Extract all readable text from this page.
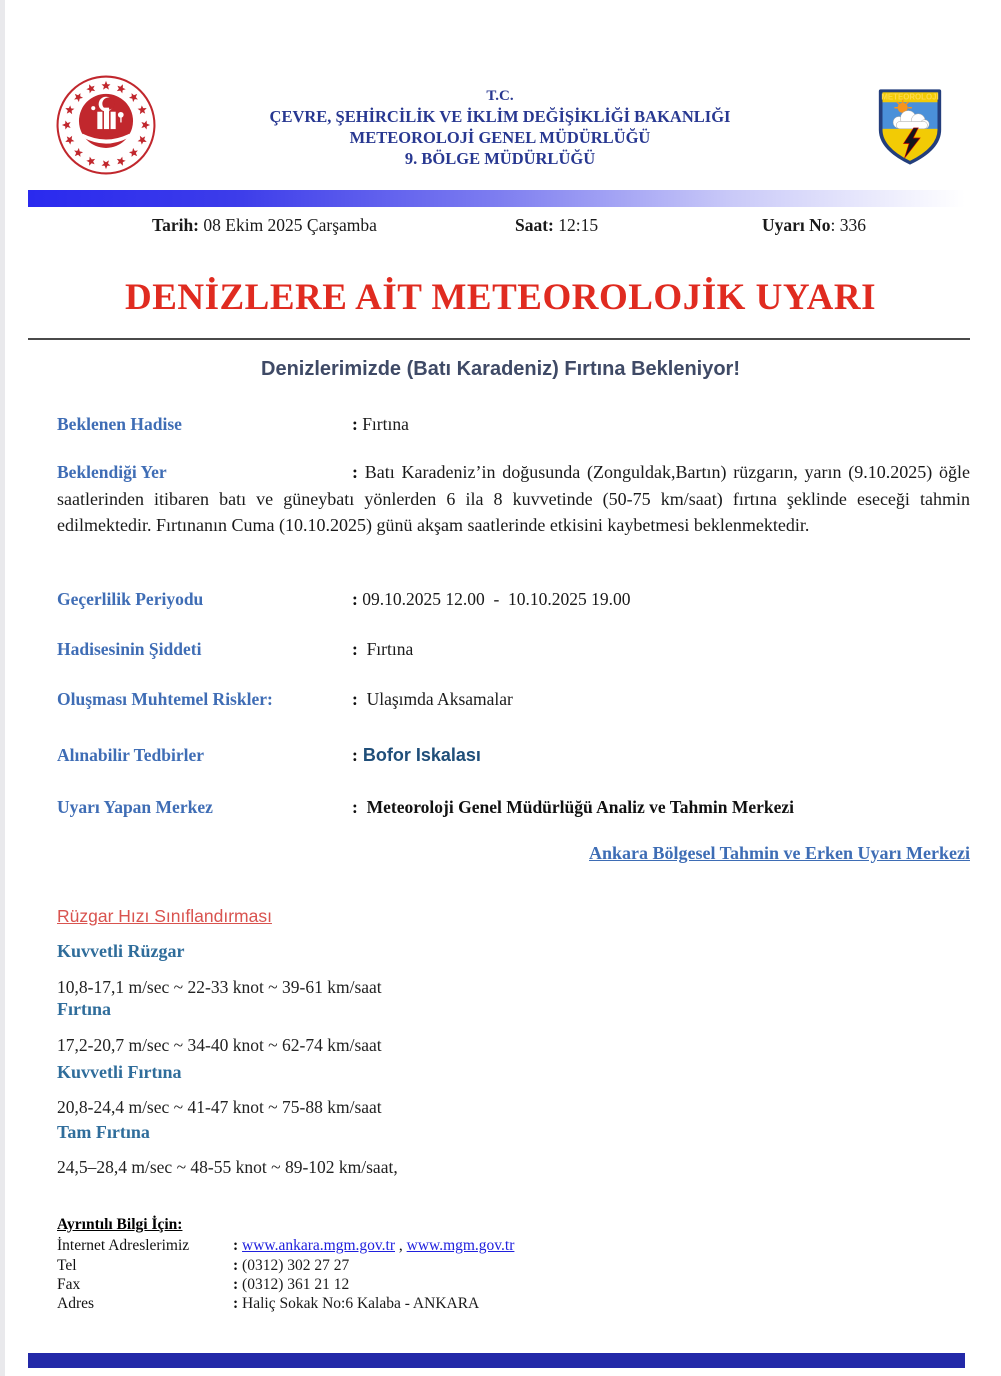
T.C.
ÇEVRE, ŞEHİRCİLİK VE İKLİM DEĞİŞİKLİĞİ BAKANLIĞI
METEOROLOJİ GENEL MÜDÜRLÜĞÜ
9. BÖLGE MÜDÜRLÜĞÜ
METEOROLOJİ
Tarih: 08 Ekim 2025 Çarşamba	Saat: 12:15	Uyarı No: 336
DENİZLERE AİT METEOROLOJİK UYARI
Denizlerimizde (Batı Karadeniz) Fırtına Bekleniyor!
Beklenen Hadise	: Fırtına
Beklendiği Yer	: Batı Karadeniz’in doğusunda (Zonguldak,Bartın) rüzgarın, yarın (9.10.2025) öğle saatlerinden itibaren batı ve güneybatı yönlerden 6 ila 8 kuvvetinde (50-75 km/saat) fırtına şeklinde eseceği tahmin edilmektedir. Fırtınanın Cuma (10.10.2025) günü akşam saatlerinde etkisini kaybetmesi beklenmektedir.
Geçerlilik Periyodu	: 09.10.2025 12.00  -  10.10.2025 19.00
Hadisesinin Şiddeti	:  Fırtına
Oluşması Muhtemel Riskler:	:  Ulaşımda Aksamalar
Alınabilir Tedbirler	: Bofor Iskalası
Uyarı Yapan Merkez	:  Meteoroloji Genel Müdürlüğü Analiz ve Tahmin Merkezi
Ankara Bölgesel Tahmin ve Erken Uyarı Merkezi
Rüzgar Hızı Sınıflandırması
Kuvvetli Rüzgar
10,8-17,1 m/sec ~ 22-33 knot ~ 39-61 km/saat
Fırtına
17,2-20,7 m/sec ~ 34-40 knot ~ 62-74 km/saat
Kuvvetli Fırtına
20,8-24,4 m/sec ~ 41-47 knot ~ 75-88 km/saat
Tam Fırtına
24,5–28,4 m/sec ~ 48-55 knot ~ 89-102 km/saat,
Ayrıntılı Bilgi İçin:
İnternet Adreslerimiz	: www.ankara.mgm.gov.tr , www.mgm.gov.tr
Tel	: (0312) 302 27 27
Fax	: (0312) 361 21 12
Adres	: Haliç Sokak No:6 Kalaba - ANKARA
